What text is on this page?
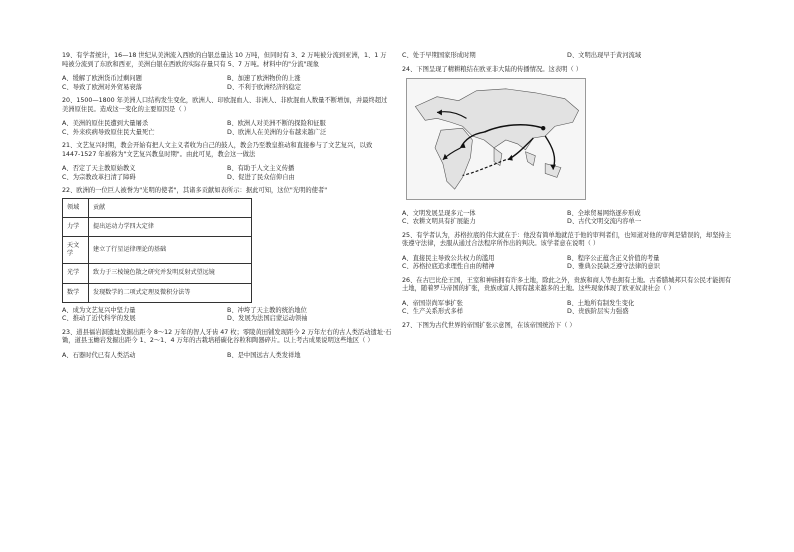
19、有学者统计，16—18 世纪从美洲流入西欧的白银总量达 10 万吨，但同时有 3、2 万吨被分流到亚洲，1、1 万吨被分流到了东欧和西亚，美洲白银在西欧的实际存量只有 5、7 万吨。材料中的"分流"现象
A、缓解了欧洲货币过剩问题	B、加速了欧洲物价的上涨
C、导致了欧洲对外贸易衰落	D、不利于欧洲经济的稳定
20、1500—1800 年美洲人口结构发生变化，欧洲人、印欧混血人、非洲人、非欧混血人数量不断增加，并最终超过美洲原住民。造成这一变化的主要原因是（ ）
A、美洲的原住民遭到大量屠杀	B、欧洲人对美洲不断的探险和征服
C、外来疾病导致原住民大量死亡	D、欧洲人在美洲的分布越来越广泛
21、文艺复兴时期，教会开始有把人文主义者收为自己的鼓人，教会乃至教皇推动和直接参与了文艺复兴，以致 1447-1527 年被称为"文艺复兴教皇时期"。由此可见，教会这一做法
A、否定了天主教原始教义	B、有助于人文主义传播
C、为宗教改革扫清了障碍	D、促进了民众信仰自由
22、欧洲的一位巨人被誉为"光明的使者"，其诸多贡献如表所示：据此可知，这位"光明的使者"
领域	贡献
力学	提出运动力学四大定律
天文学	建立了行星运律理论的基础
光学	致力于三棱镜色散之研究并发明反射式望远镜
数学	发现数学的二项式定理及微积分法等
A、成为文艺复兴中坚力量	B、冲垮了天主教的统治地位
C、推动了近代科学的发展	D、发展为法国启蒙运动领袖
23、道县福岩洞遗址发掘出距今 8～12 万年的智人牙齿 47 枚；零陵黄田铺发现距今 2 万年左右的古人类活动遗址·石锄，道县玉蟾岩发掘出距今 1、2～1、4 万年的古栽培稻碳化谷粒和陶器碎片。以上考古成果说明这些地区（ ）
A、石器时代已有人类活动	B、是中国远古人类发祥地
C、处于早期国家形成时期	D、文明出现早于黄河流域
24、下图呈现了精耕粮结在欧亚非大陆的传播情况。这表明（ ）
A、文明发展呈现多元一体	B、全球贸易网络逐步形成
C、农耕文明具有扩展能力	D、古代文明交流内容单一
25、有学者认为，苏格拉底的伟大就在于：他没有简单地就范于他的审判者们，也知道对他的审判是错误的，却坚持主张遵守法律，去服从通过合法程序所作出的判决。该学者意在说明（ ）
A、直接民主导致公共权力的滥用	B、程序公正蕴含正义价值的考量
C、苏格拉底追求理性自由的精神	D、雅典公民缺乏遵守法律的意识
26、在古巴比伦王国，王室和神庙拥有许多土地，除此之外，贵族和商人等也拥有土地。古希腊城邦只有公民才能拥有土地，随着罗马帝国的扩张，贵族或富人拥有越来越多的土地。这些现象体现了欧亚奴隶社会（ ）
A、帝国崇尚军事扩张	B、土地所有制发生变化
C、生产关系形式多样	D、贵族阶层实力强盛
27、下图为古代世界的帝国扩张示意图，在该帝国统治下（ ）
